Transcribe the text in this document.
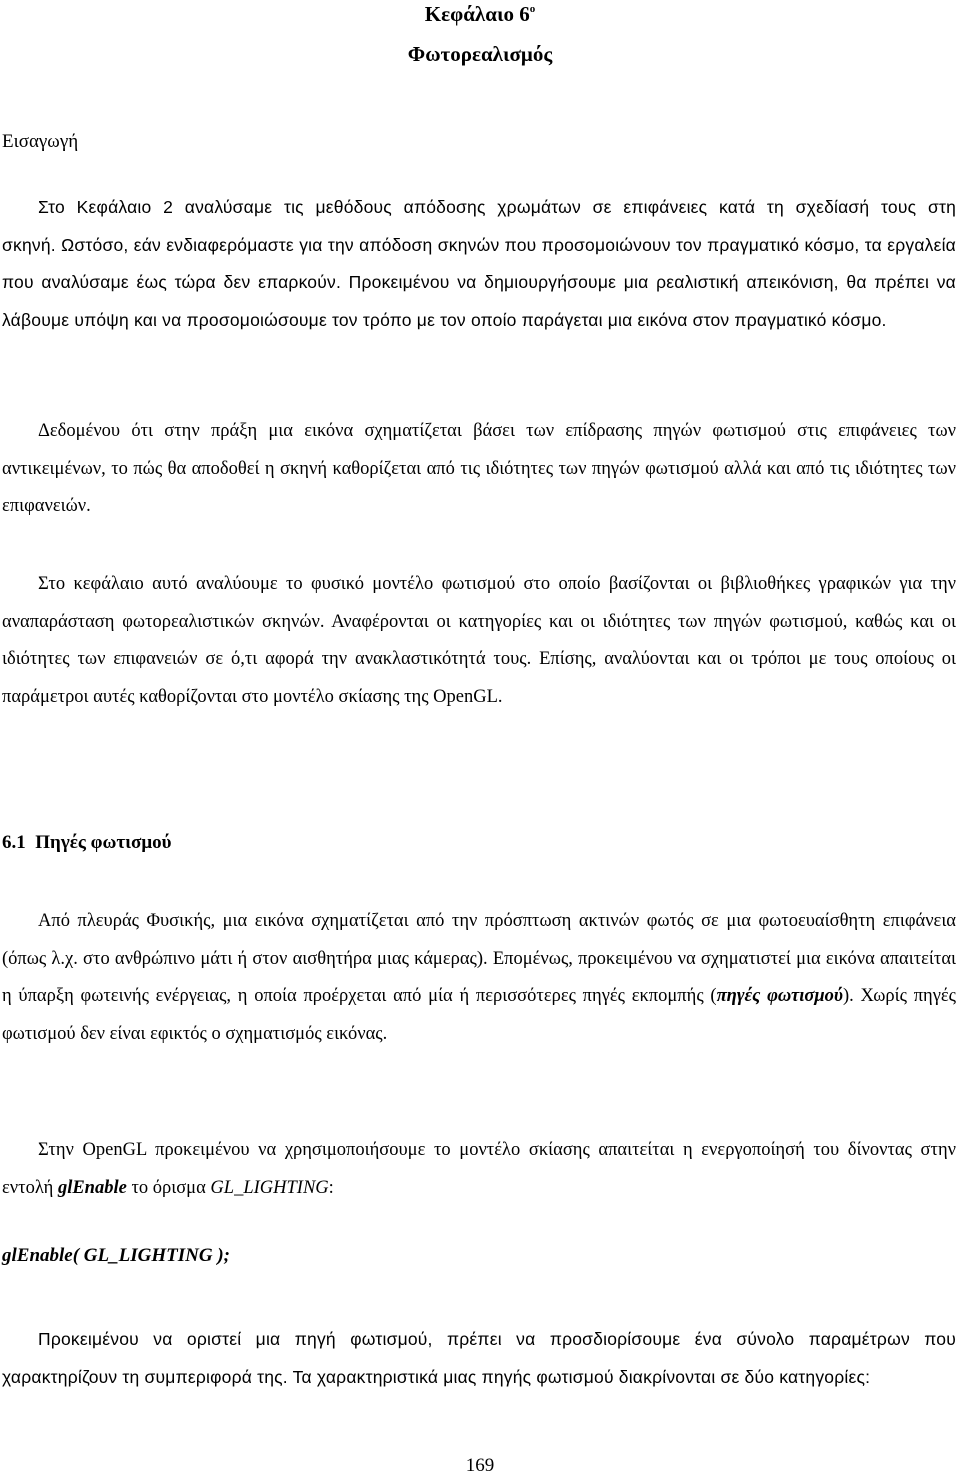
Κεφάλαιο $6^o$
Φωτορεαλισμός
Εισαγωγή
Στο Κεφάλαιο 2 αναλύσαμε τις μεθόδους απόδοσης χρωμάτων σε επιφάνειες κατά τη σχεδίασή τους στη
σκηνή. Ωστόσο, εάν ενδιαφερόμαστε για την απόδοση σκηνών που προσομοιώνουν τον πραγματικό κόσμο, τα εργαλεία που αναλύσαμε έως τώρα δεν επαρκούν. Προκειμένου να δημιουργήσουμε μια ρεαλιστική απεικόνιση, θα πρέπει να λάβουμε υπόψη και να προσομοιώσουμε τον τρόπο με τον οποίο παράγεται μια εικόνα στον πραγματικό κόσμο.
Δεδομένου ότι στην πράξη μια εικόνα σχηματίζεται βάσει των επίδρασης πηγών φωτισμού στις επιφάνειες των αντικειμένων, το πώς θα αποδοθεί η σκηνή καθορίζεται από τις ιδιότητες των πηγών φωτισμού αλλά και από τις ιδιότητες των επιφανειών.
Στο κεφάλαιο αυτό αναλύουμε το φυσικό μοντέλο φωτισμού στο οποίο βασίζονται οι βιβλιοθήκες γραφικών για την αναπαράσταση φωτορεαλιστικών σκηνών. Αναφέρονται οι κατηγορίες και οι ιδιότητες των πηγών φωτισμού, καθώς και οι ιδιότητες των επιφανειών σε ό,τι αφορά την ανακλαστικότητά τους. Επίσης, αναλύονται και οι τρόποι με τους οποίους οι παράμετροι αυτές καθορίζονται στο μοντέλο σκίασης της OpenGL.
6.1 Πηγές φωτισμού
Από πλευράς Φυσικής, μια εικόνα σχηματίζεται από την πρόσπτωση ακτινών φωτός σε μια φωτοευαίσθητη επιφάνεια (όπως λ.χ. στο ανθρώπινο μάτι ή στον αισθητήρα μιας κάμερας). Επομένως, προκειμένου να σχηματιστεί μια εικόνα απαιτείται η ύπαρξη φωτεινής ενέργειας, η οποία προέρχεται από μία ή περισσότερες πηγές εκπομπής (πηγές φωτισμού). Χωρίς πηγές φωτισμού δεν είναι εφικτός ο σχηματισμός εικόνας.
Στην OpenGL προκειμένου να χρησιμοποιήσουμε το μοντέλο σκίασης απαιτείται η ενεργοποίησή του δίνοντας στην εντολή glEnable το όρισμα GL_LIGHTING:
glEnable( GL_LIGHTING );
Προκειμένου να οριστεί μια πηγή φωτισμού, πρέπει να προσδιορίσουμε ένα σύνολο παραμέτρων που χαρακτηρίζουν τη συμπεριφορά της. Τα χαρακτηριστικά μιας πηγής φωτισμού διακρίνονται σε δύο κατηγορίες:
169
